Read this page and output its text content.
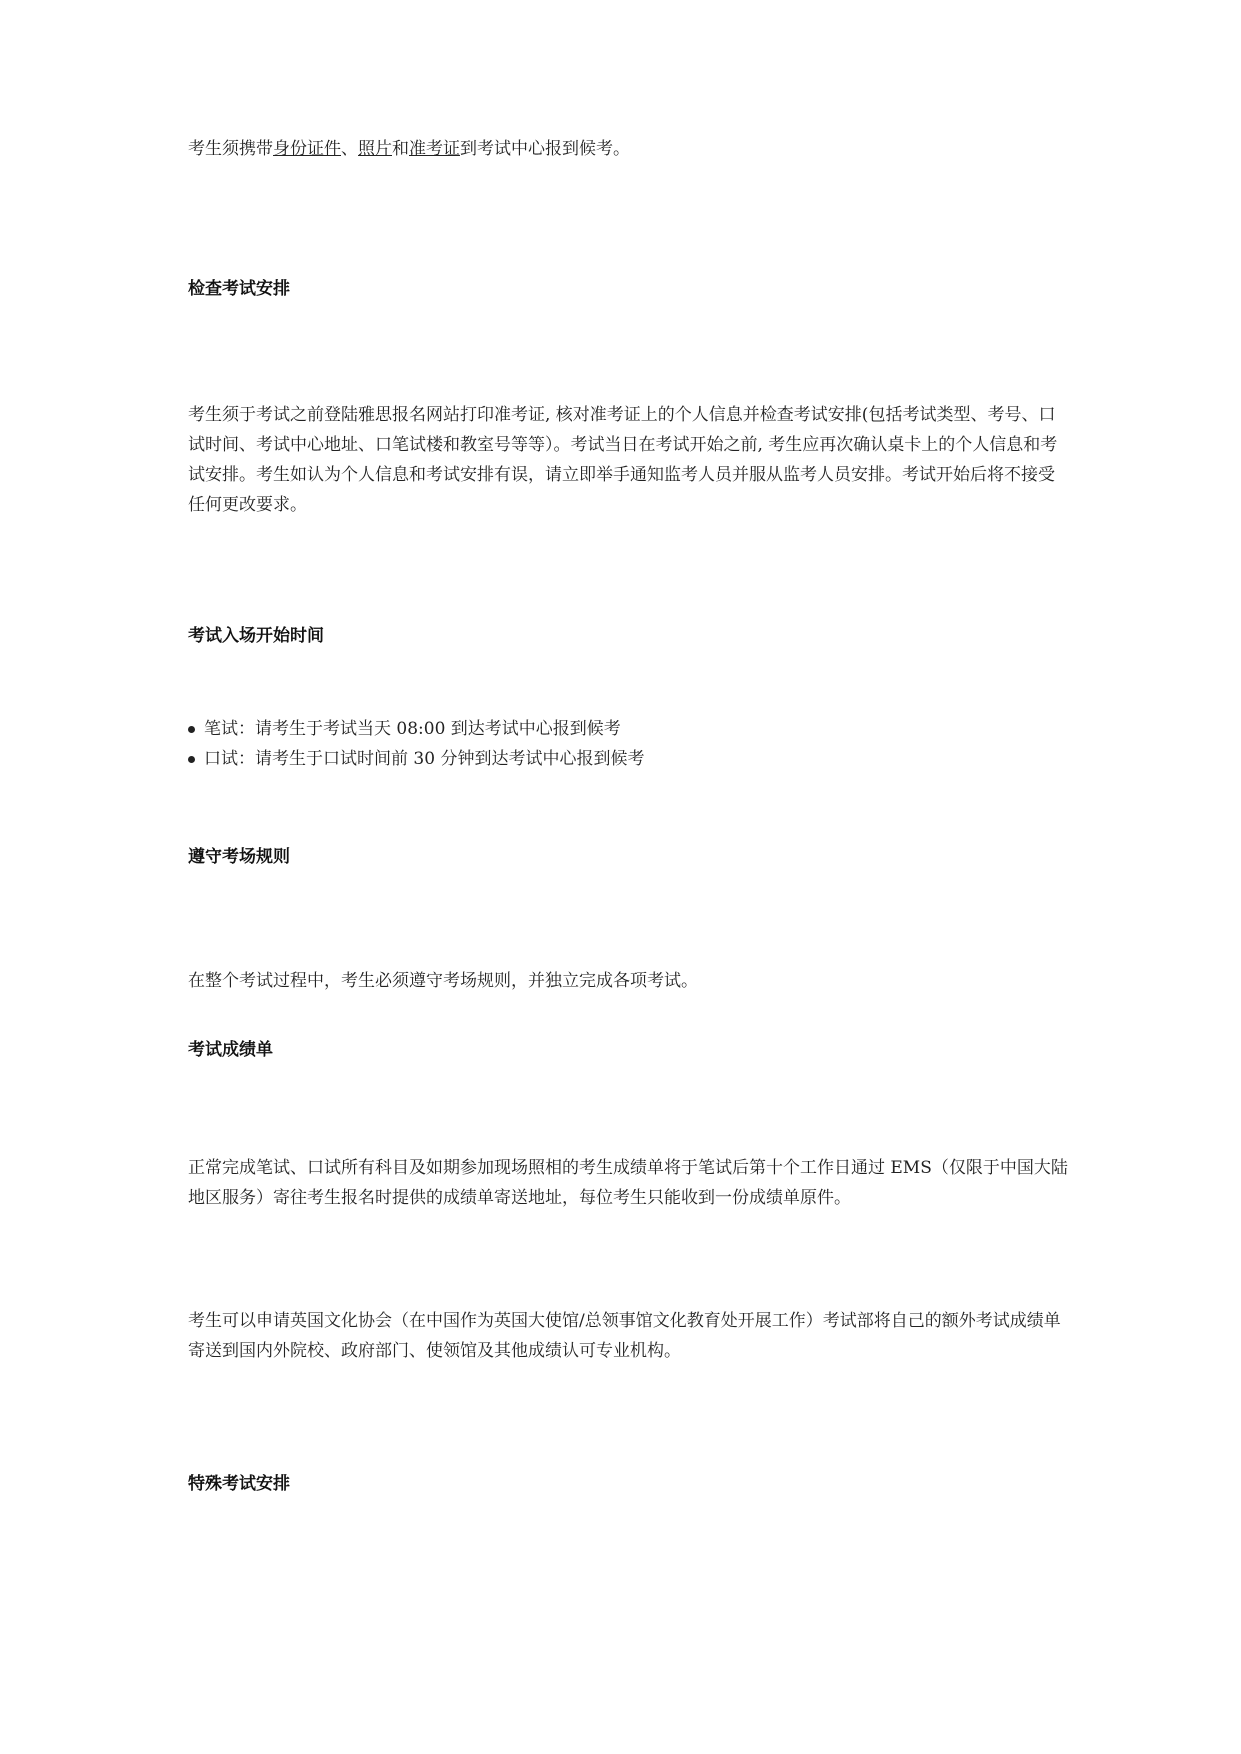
考生须携带身份证件、照片和准考证到考试中心报到候考。

检查考试安排

考生须于考试之前登陆雅思报名网站打印准考证, 核对准考证上的个人信息并检查考试安排(包括考试类型、考号、口试时间、考试中心地址、口笔试楼和教室号等等）。考试当日在考试开始之前, 考生应再次确认桌卡上的个人信息和考试安排。考生如认为个人信息和考试安排有误，请立即举手通知监考人员并服从监考人员安排。考试开始后将不接受任何更改要求。

考试入场开始时间
笔试：请考生于考试当天 08:00 到达考试中心报到候考
口试：请考生于口试时间前 30 分钟到达考试中心报到候考
遵守考场规则

在整个考试过程中，考生必须遵守考场规则，并独立完成各项考试。

考试成绩单

正常完成笔试、口试所有科目及如期参加现场照相的考生成绩单将于笔试后第十个工作日通过 EMS（仅限于中国大陆地区服务）寄往考生报名时提供的成绩单寄送地址，每位考生只能收到一份成绩单原件。

考生可以申请英国文化协会（在中国作为英国大使馆/总领事馆文化教育处开展工作）考试部将自己的额外考试成绩单寄送到国内外院校、政府部门、使领馆及其他成绩认可专业机构。

特殊考试安排
